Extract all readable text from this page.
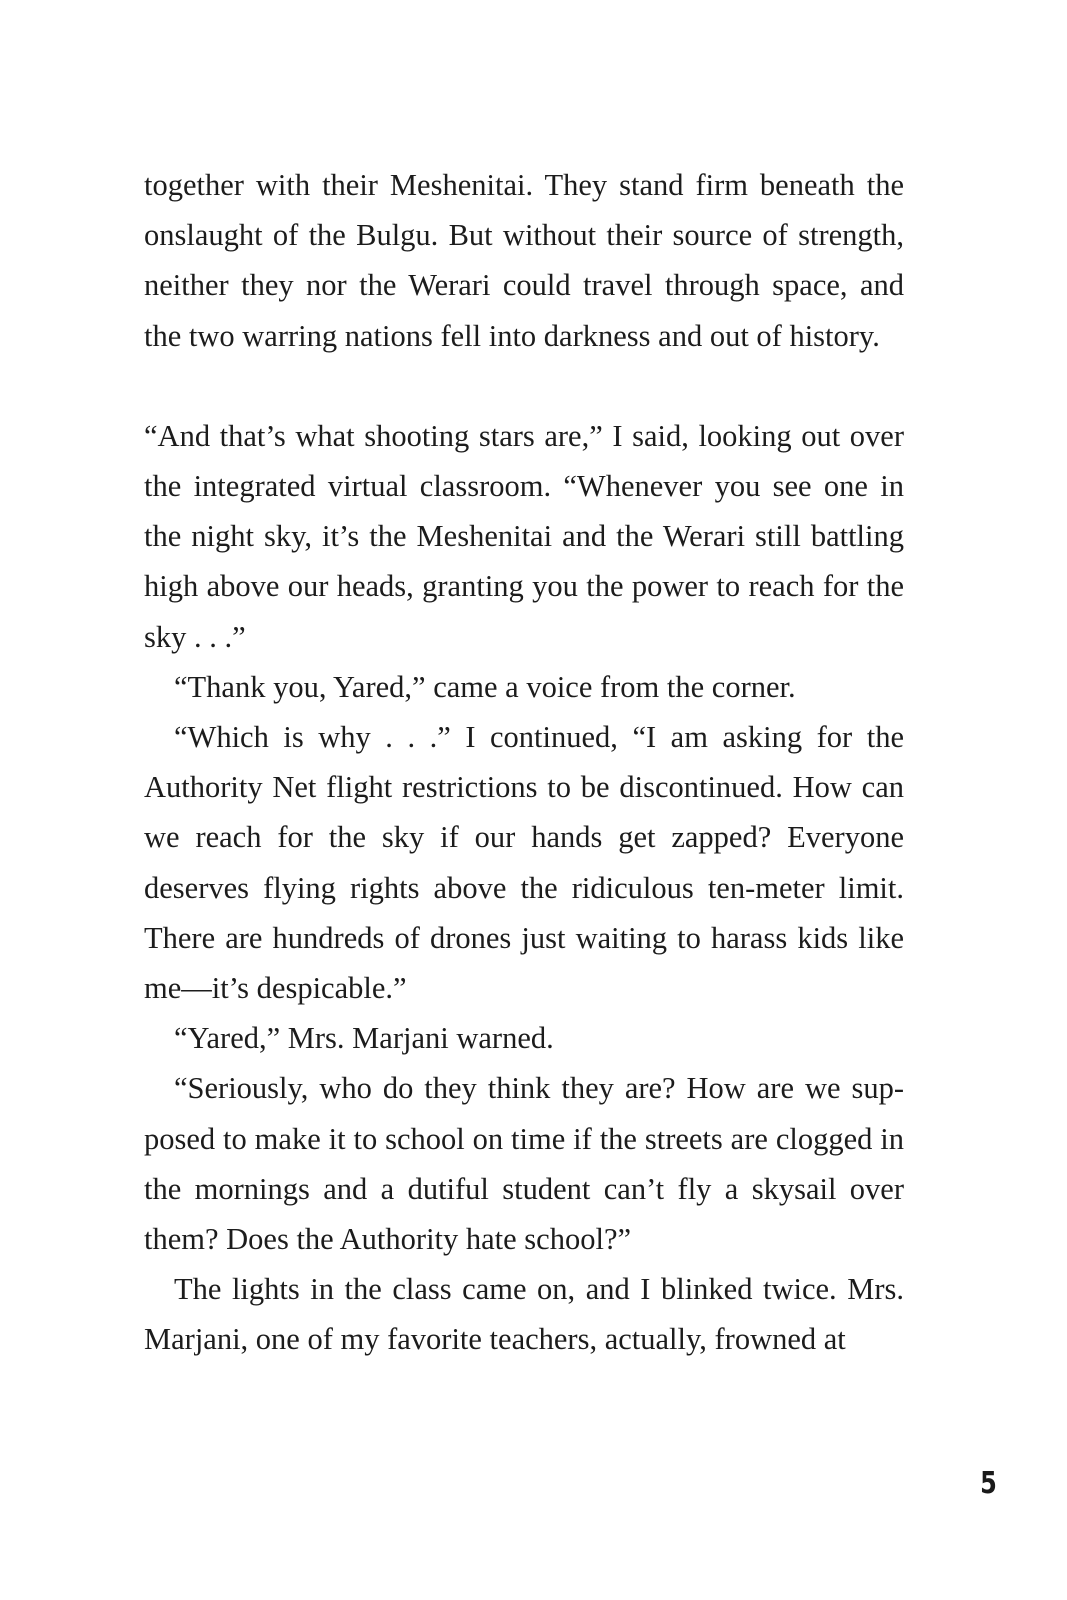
together with their Meshenitai. They stand firm beneath the onslaught of the Bulgu. But without their source of strength, neither they nor the Werari could travel through space, and the two warring nations fell into darkness and out of history.

“And that’s what shooting stars are,” I said, looking out over the integrated virtual classroom. “Whenever you see one in the night sky, it’s the Meshenitai and the Werari still battling high above our heads, granting you the power to reach for the sky . . .”

“Thank you, Yared,” came a voice from the corner.

“Which is why . . .” I continued, “I am asking for the Authority Net flight restrictions to be discontinued. How can we reach for the sky if our hands get zapped? Everyone deserves flying rights above the ridiculous ten-meter limit. There are hundreds of drones just waiting to harass kids like me—it’s despicable.”

“Yared,” Mrs. Marjani warned.

“Seriously, who do they think they are? How are we supposed to make it to school on time if the streets are clogged in the mornings and a dutiful student can’t fly a skysail over them? Does the Authority hate school?”

The lights in the class came on, and I blinked twice. Mrs. Marjani, one of my favorite teachers, actually, frowned at

5
